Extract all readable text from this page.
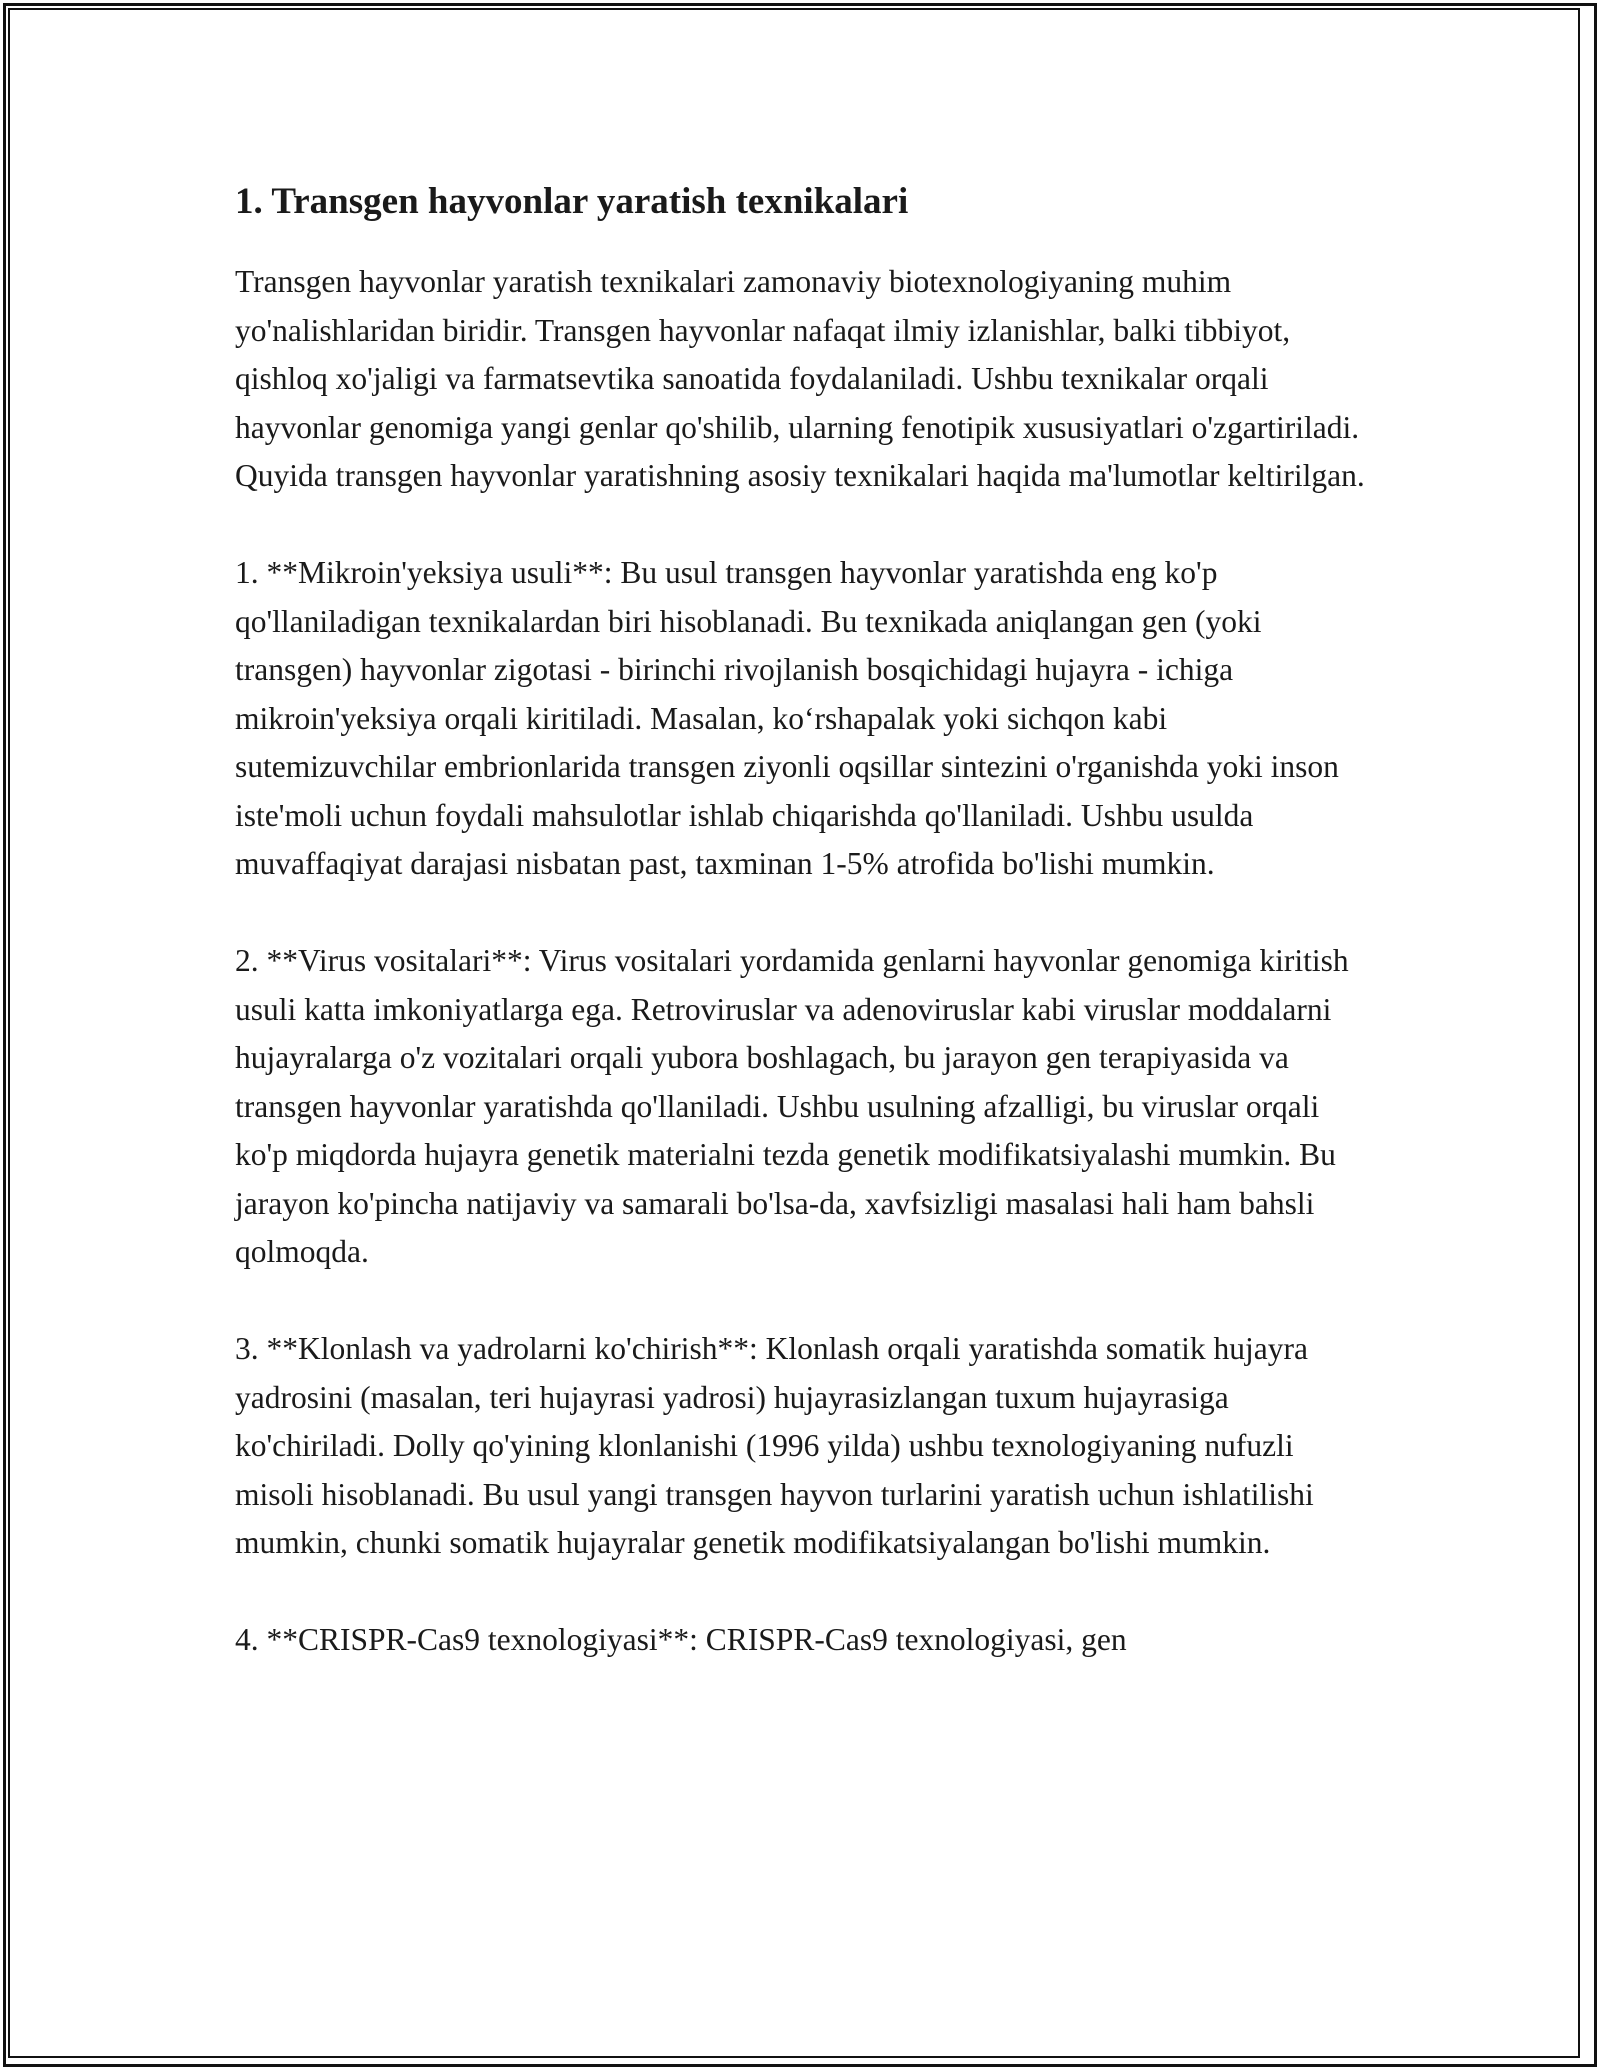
1. Transgen hayvonlar yaratish texnikalari

Transgen hayvonlar yaratish texnikalari zamonaviy biotexnologiyaning muhim yo'nalishlaridan biridir. Transgen hayvonlar nafaqat ilmiy izlanishlar, balki tibbiyot, qishloq xo'jaligi va farmatsevtika sanoatida foydalaniladi. Ushbu texnikalar orqali hayvonlar genomiga yangi genlar qo'shilib, ularning fenotipik xususiyatlari o'zgartiriladi. Quyida transgen hayvonlar yaratishning asosiy texnikalari haqida ma'lumotlar keltirilgan.

1. **Mikroin'yeksiya usuli**: Bu usul transgen hayvonlar yaratishda eng ko'p qo'llaniladigan texnikalardan biri hisoblanadi. Bu texnikada aniqlangan gen (yoki transgen) hayvonlar zigotasi - birinchi rivojlanish bosqichidagi hujayra - ichiga mikroin'yeksiya orqali kiritiladi. Masalan, ko‘rshapalak yoki sichqon kabi sutemizuvchilar embrionlarida transgen ziyonli oqsillar sintezini o'rganishda yoki inson iste'moli uchun foydali mahsulotlar ishlab chiqarishda qo'llaniladi. Ushbu usulda muvaffaqiyat darajasi nisbatan past, taxminan 1-5% atrofida bo'lishi mumkin.

2. **Virus vositalari**: Virus vositalari yordamida genlarni hayvonlar genomiga kiritish usuli katta imkoniyatlarga ega. Retroviruslar va adenoviruslar kabi viruslar moddalarni hujayralarga o'z vozitalari orqali yubora boshlagach, bu jarayon gen terapiyasida va transgen hayvonlar yaratishda qo'llaniladi. Ushbu usulning afzalligi, bu viruslar orqali ko'p miqdorda hujayra genetik materialni tezda genetik modifikatsiyalashi mumkin. Bu jarayon ko'pincha natijaviy va samarali bo'lsa-da, xavfsizligi masalasi hali ham bahsli qolmoqda.

3. **Klonlash va yadrolarni ko'chirish**: Klonlash orqali yaratishda somatik hujayra yadrosini (masalan, teri hujayrasi yadrosi) hujayrasizlangan tuxum hujayrasiga ko'chiriladi. Dolly qo'yining klonlanishi (1996 yilda) ushbu texnologiyaning nufuzli misoli hisoblanadi. Bu usul yangi transgen hayvon turlarini yaratish uchun ishlatilishi mumkin, chunki somatik hujayralar genetik modifikatsiyalangan bo'lishi mumkin.

4. **CRISPR-Cas9 texnologiyasi**: CRISPR-Cas9 texnologiyasi, gen
